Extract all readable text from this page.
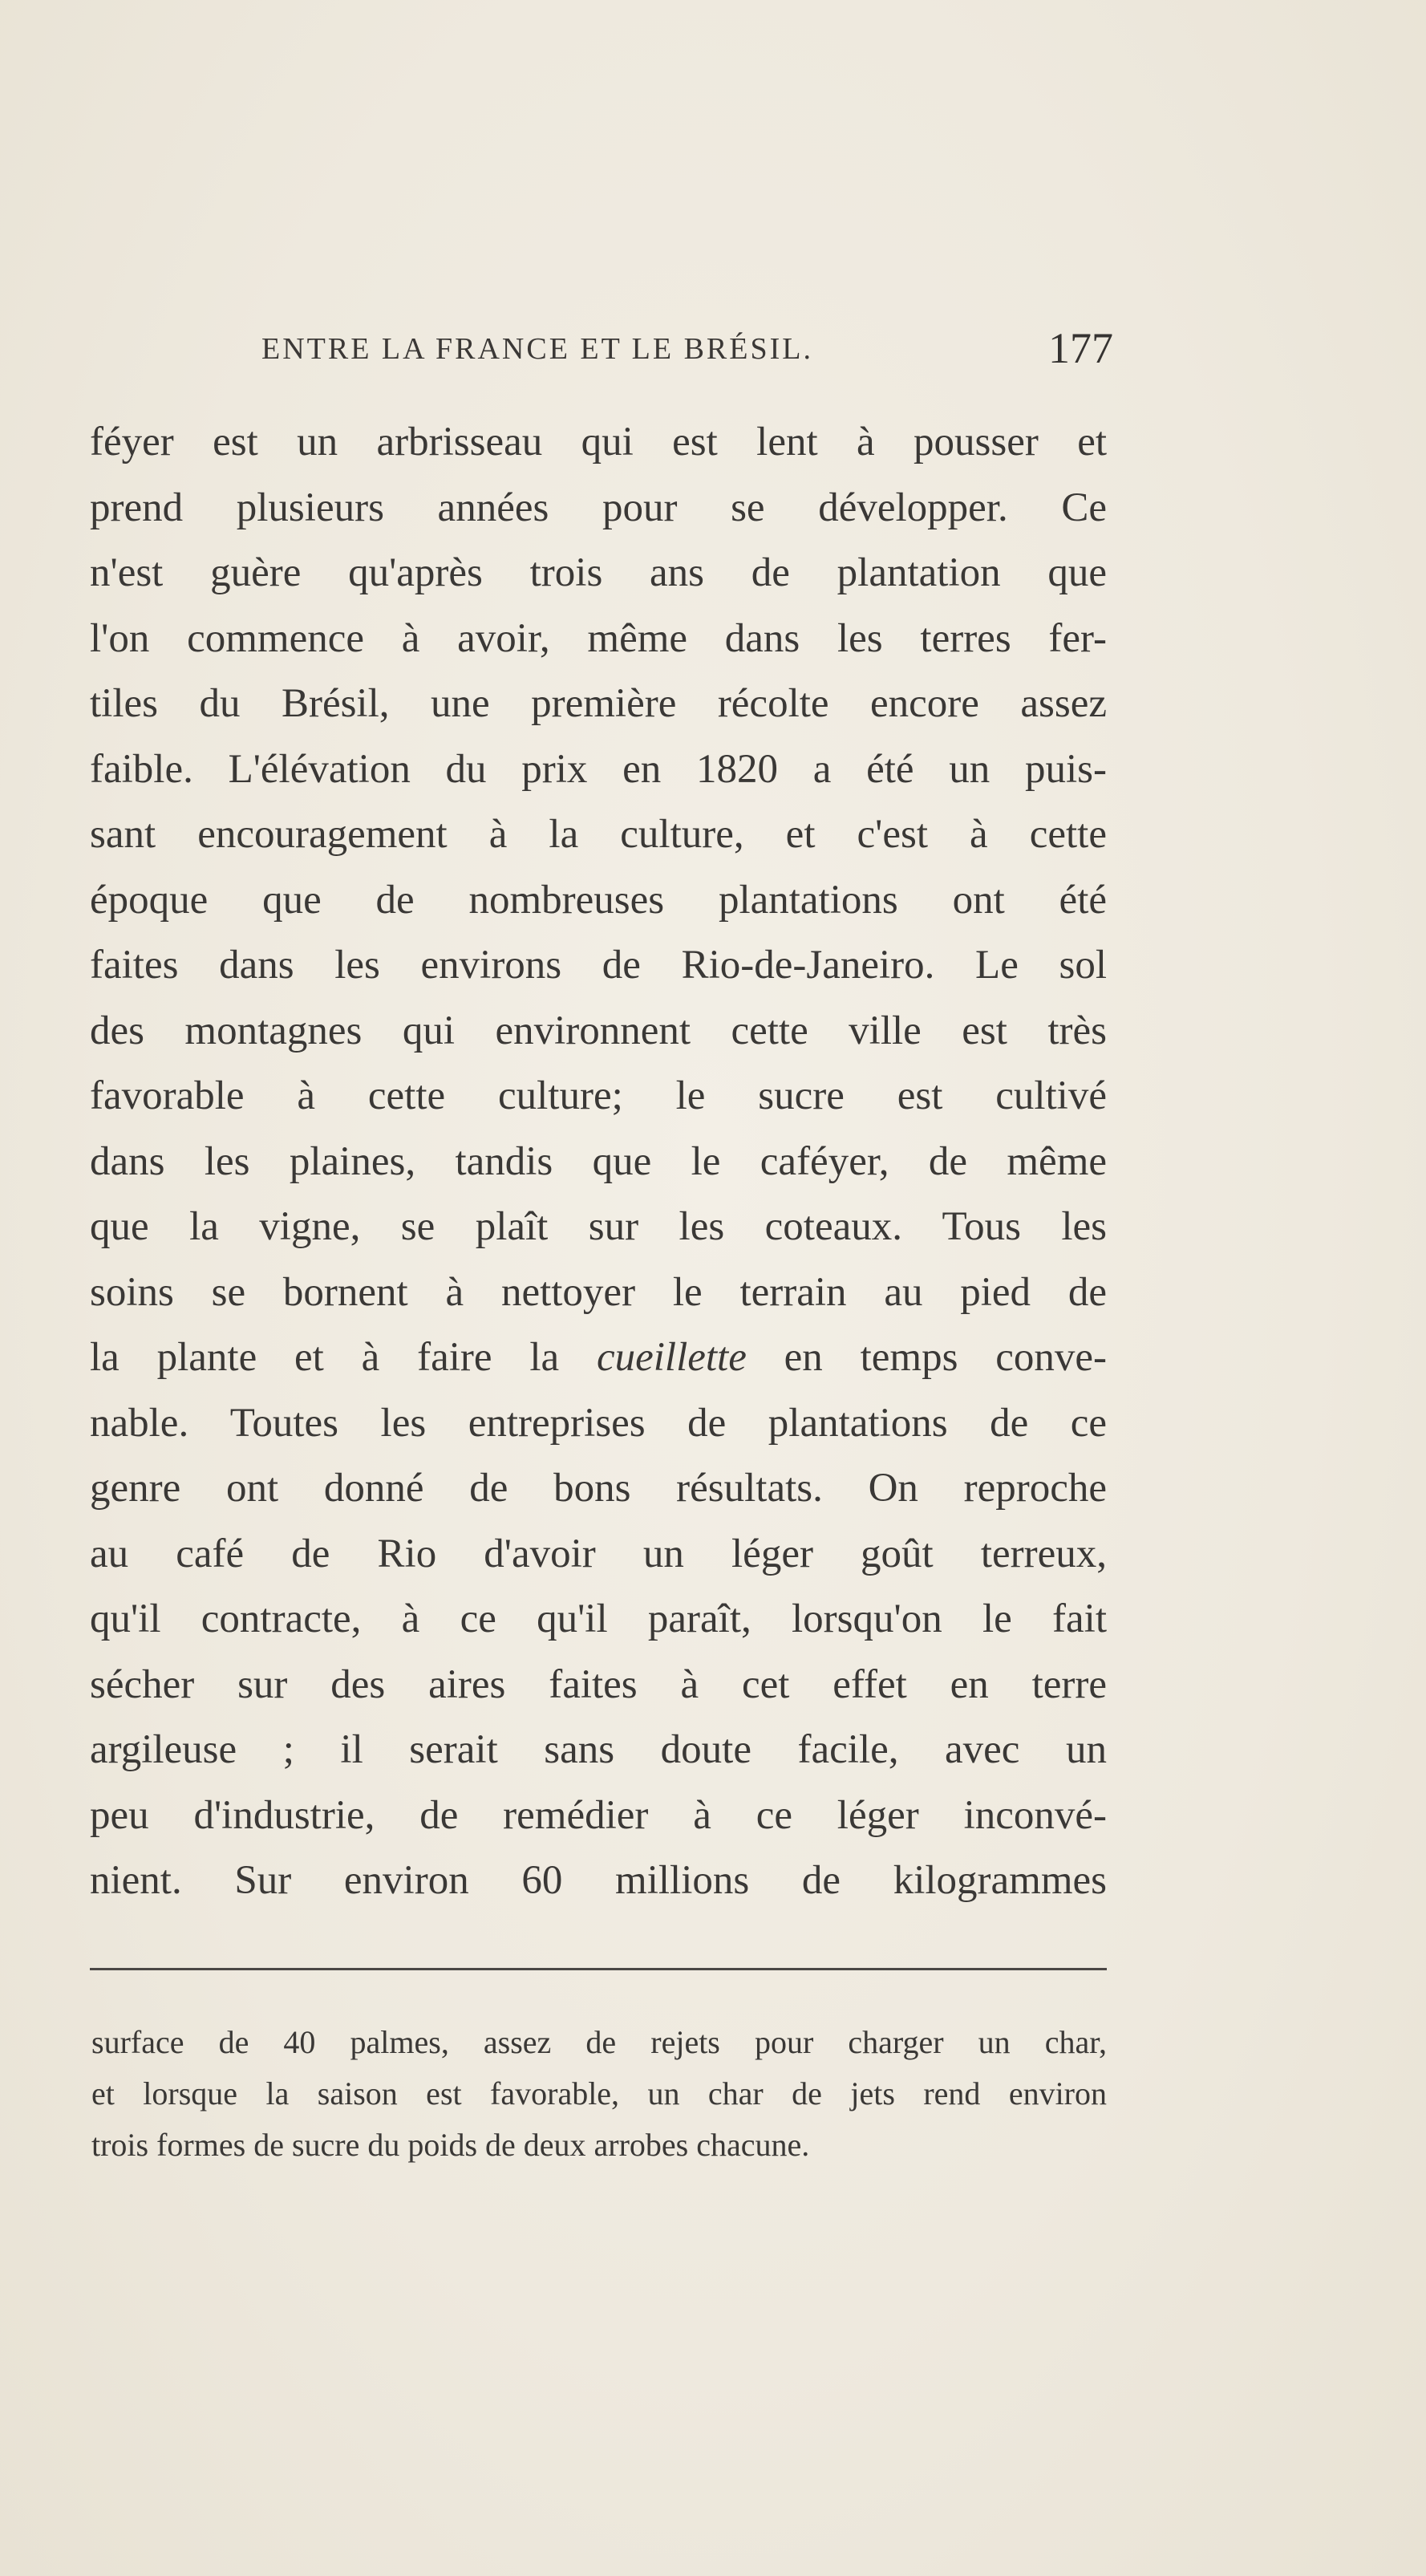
ENTRE LA FRANCE ET LE BRÉSIL.	177
féyer est un arbrisseau qui est lent à pousser et
prend plusieurs années pour se développer. Ce
n'est guère qu'après trois ans de plantation que
l'on commence à avoir, même dans les terres fer-
tiles du Brésil, une première récolte encore assez
faible. L'élévation du prix en 1820 a été un puis-
sant encouragement à la culture, et c'est à cette
époque que de nombreuses plantations ont été
faites dans les environs de Rio-de-Janeiro. Le sol
des montagnes qui environnent cette ville est très
favorable à cette culture; le sucre est cultivé
dans les plaines, tandis que le caféyer, de même
que la vigne, se plaît sur les coteaux. Tous les
soins se bornent à nettoyer le terrain au pied de
la plante et à faire la cueillette en temps conve-
nable. Toutes les entreprises de plantations de ce
genre ont donné de bons résultats. On reproche
au café de Rio d'avoir un léger goût terreux,
qu'il contracte, à ce qu'il paraît, lorsqu'on le fait
sécher sur des aires faites à cet effet en terre
argileuse ; il serait sans doute facile, avec un
peu d'industrie, de remédier à ce léger inconvé-
nient. Sur environ 60 millions de kilogrammes
surface de 40 palmes, assez de rejets pour charger un char,
et lorsque la saison est favorable, un char de jets rend environ
trois formes de sucre du poids de deux arrobes chacune.
